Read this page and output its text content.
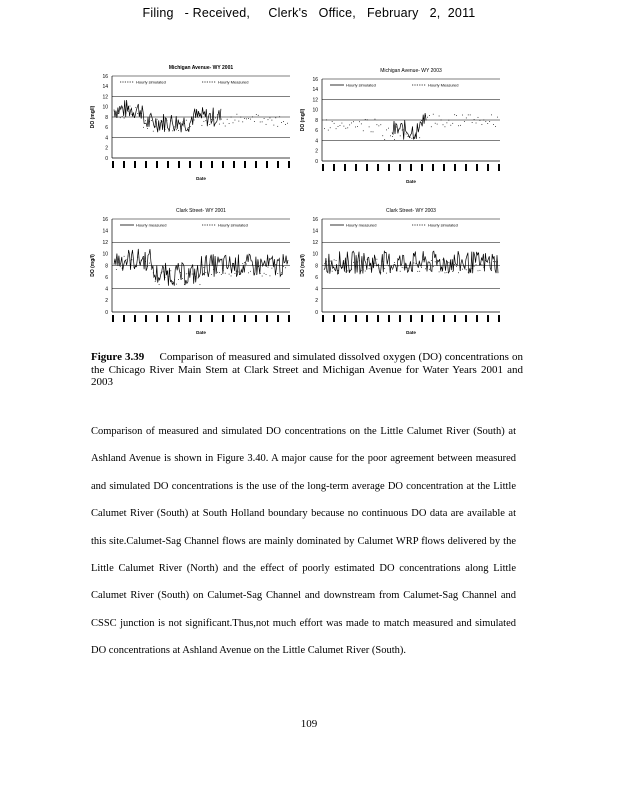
Filing   - Received,     Clerk's   Office,   February   2,  2011
Michigan Avenue- WY 2001
0
2
4
6
8
10
12
14
16
Hourly simulated	Hourly Measured
DO (mg/l)
Date
Michigan Avenue- WY 2003
0
2
4
6
8
10
12
14
16
Hourly simulated	Hourly Measured
DO (mg/l)
Date
Clark Street- WY 2001
0
2
4
6
8
10
12
14
16
Hourly measured	Hourly simulated
DO (mg/l)
Date
Clark Street- WY 2003
0
2
4
6
8
10
12
14
16
Hourly measured	Hourly simulated
DO (mg/l)
Date
Figure 3.39 Comparison of measured and simulated dissolved oxygen (DO) concentrations on the Chicago River Main Stem at Clark Street and Michigan Avenue for Water Years 2001 and 2003

Comparison of measured and simulated DO concentrations on the Little Calumet River (South) at Ashland Avenue is shown in Figure 3.40. A major cause for the poor agreement between measured and simulated DO concentrations is the use of the long-term average DO concentration at the Little Calumet River (South) at South Holland boundary because no continuous DO data are available at this site.Calumet-Sag Channel flows are mainly dominated by Calumet WRP flows delivered by the Little Calumet River (North) and the effect of poorly estimated DO concentrations along Little Calumet River (South) on Calumet-Sag Channel and downstream from Calumet-Sag Channel and CSSC junction is not significant.Thus,not much effort was made to match measured and simulated DO concentrations at Ashland Avenue on the Little Calumet River (South).

109
